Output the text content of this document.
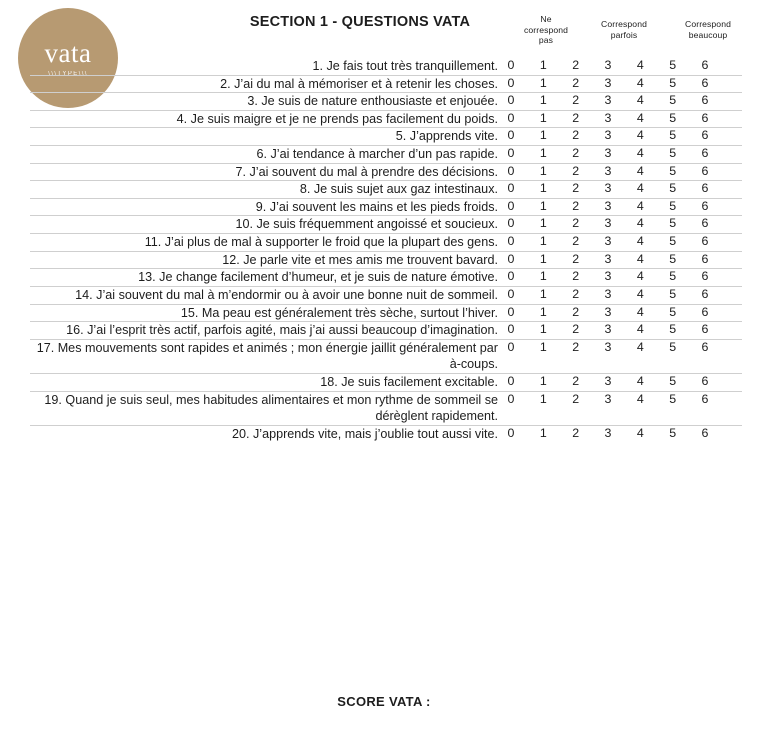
vata
\\\TYPE\\\
SECTION 1 - QUESTIONS VATA	Ne
correspond
pas
Correspond
parfois
Correspond
beaucoup
1. Je fais tout très tranquillement.	0	1	2	3	4	5	6

2. J’ai du mal à mémoriser et à retenir les choses.	0	1	2	3	4	5	6

3. Je suis de nature enthousiaste et enjouée.	0	1	2	3	4	5	6

4. Je suis maigre et je ne prends pas facilement du poids.	0	1	2	3	4	5	6

5. J’apprends vite.	0	1	2	3	4	5	6

6. J’ai tendance à marcher d’un pas rapide.	0	1	2	3	4	5	6

7. J’ai souvent du mal à prendre des décisions.	0	1	2	3	4	5	6

8. Je suis sujet aux gaz intestinaux.	0	1	2	3	4	5	6

9. J’ai souvent les mains et les pieds froids.	0	1	2	3	4	5	6

10. Je suis fréquemment angoissé et soucieux.	0	1	2	3	4	5	6

11. J’ai plus de mal à supporter le froid que la plupart des gens.	0	1	2	3	4	5	6

12. Je parle vite et mes amis me trouvent bavard.	0	1	2	3	4	5	6

13. Je change facilement d’humeur, et je suis de nature émotive.	0	1	2	3	4	5	6

14. J’ai souvent du mal à m’endormir ou à avoir une bonne nuit de sommeil.	0	1	2	3	4	5	6

15. Ma peau est généralement très sèche, surtout l’hiver.	0	1	2	3	4	5	6

16. J’ai l’esprit très actif, parfois agité, mais j’ai aussi beaucoup d’imagination.	0	1	2	3	4	5	6

17. Mes mouvements sont rapides et animés ; mon énergie jaillit généralement par à-coups.	
0	1	2	3	4	5	6

18. Je suis facilement excitable.	0	1	2	3	4	5	6

19. Quand je suis seul, mes habitudes alimentaires et mon rythme de sommeil se dérèglent rapidement.	
0	1	2	3	4	5	6

20. J’apprends vite, mais j’oublie tout aussi vite.	0	1	2	3	4	5	6
SCORE VATA :
